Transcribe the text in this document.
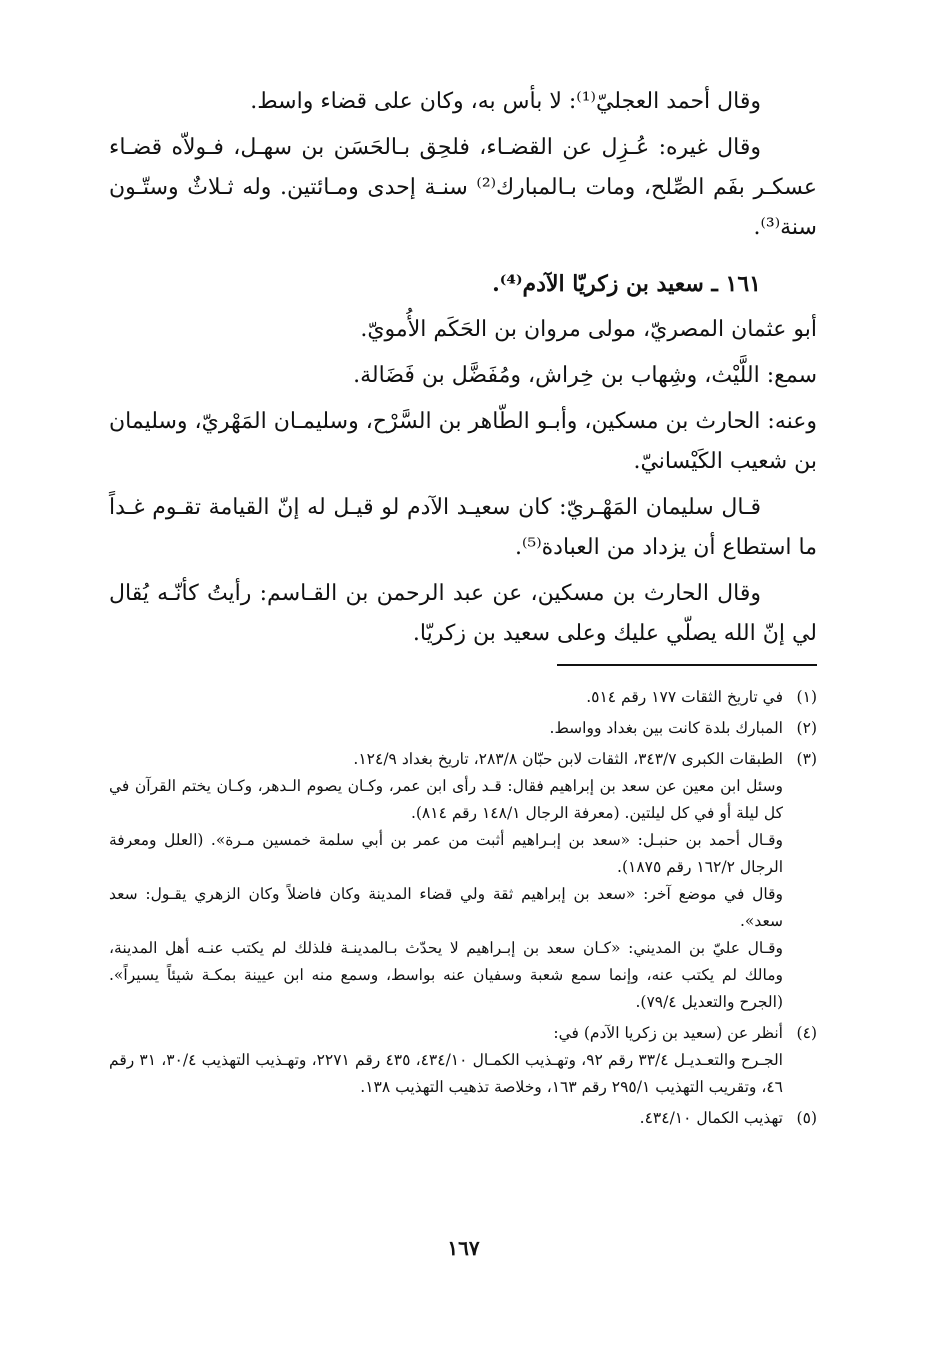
وقال أحمد العجليّ⁽¹⁾: لا بأس به، وكان على قضاء واسط.

وقال غيره: عُـزِل عن القضـاء، فلحِق بـالحَسَن بن سهـل، فـولاّه قضـاء عسكـر بفَم الصِّلح، ومات بـالمبارك⁽²⁾ سنـة إحدى ومـائتين. وله ثـلاثٌ وستّـون سنة⁽³⁾.

١٦١ ـ سعيد بن زكريّا الآدم⁽⁴⁾.

أبو عثمان المصريّ، مولى مروان بن الحَكَم الأُمويّ.

سمع: اللَّيْث، وشِهاب بن خِراش، ومُفَضَّل بن فَضَالة.

وعنه: الحارث بن مسكين، وأبـو الطّاهر بن السَّرْح، وسليمـان المَهْريّ، وسليمان بن شعيب الكَيْسانيّ.

قـال سليمان المَهْـريّ: كان سعيـد الآدم لو قيـل له إنّ القيامة تقـوم غـداً ما استطاع أن يزداد من العبادة⁽⁵⁾.

وقال الحارث بن مسكين، عن عبد الرحمن بن القـاسم: رأيتُ كأنّـه يُقال لي إنّ الله يصلّي عليك وعلى سعيد بن زكريّا.

(١)

في تاريخ الثقات ١٧٧ رقم ٥١٤.

(٢)

المبارك بلدة كانت بين بغداد وواسط.

(٣)

الطبقات الكبرى ٣٤٣/٧، الثقات لابن حبّان ٢٨٣/٨، تاريخ بغداد ١٢٤/٩.

وسئل ابن معين عن سعد بن إبراهيم فقال: قـد رأى ابن عمر، وكـان يصوم الـدهر، وكـان يختم القرآن في كل ليلة أو في كل ليلتين. (معرفة الرجال ١٤٨/١ رقم ٨١٤).

وقـال أحمد بن حنبـل: «سعد بن إبـراهيم أثبت من عمر بن أبي سلمة خمسين مـرة». (العلل ومعرفة الرجال ١٦٢/٢ رقم ١٨٧٥).

وقال في موضع آخر: «سعد بن إبراهيم ثقة ولي قضاء المدينة وكان فاضلاً وكان الزهري يقـول: سعد سعد».

وقـال عليّ بن المديني: «كـان سعد بن إبـراهيم لا يحدّث بـالمدينـة فلذلك لم يكتب عنـه أهل المدينة، ومالك لم يكتب عنه، وإنما سمع شعبة وسفيان عنه بواسط، وسمع منه ابن عيينة بمكـة شيئاً يسيراً». (الجرح والتعديل ٧٩/٤).

(٤)

أنظر عن (سعيد بن زكريا الآدم) في:

الجـرح والتعـديـل ٣٣/٤ رقم ٩٢، وتهـذيب الكمـال ٤٣٤/١٠، ٤٣٥ رقم ٢٢٧١، وتهـذيب التهذيب ٣٠/٤، ٣١ رقم ٤٦، وتقريب التهذيب ٢٩٥/١ رقم ١٦٣، وخلاصة تذهيب التهذيب ١٣٨.

(٥)

تهذيب الكمال ٤٣٤/١٠.

١٦٧
